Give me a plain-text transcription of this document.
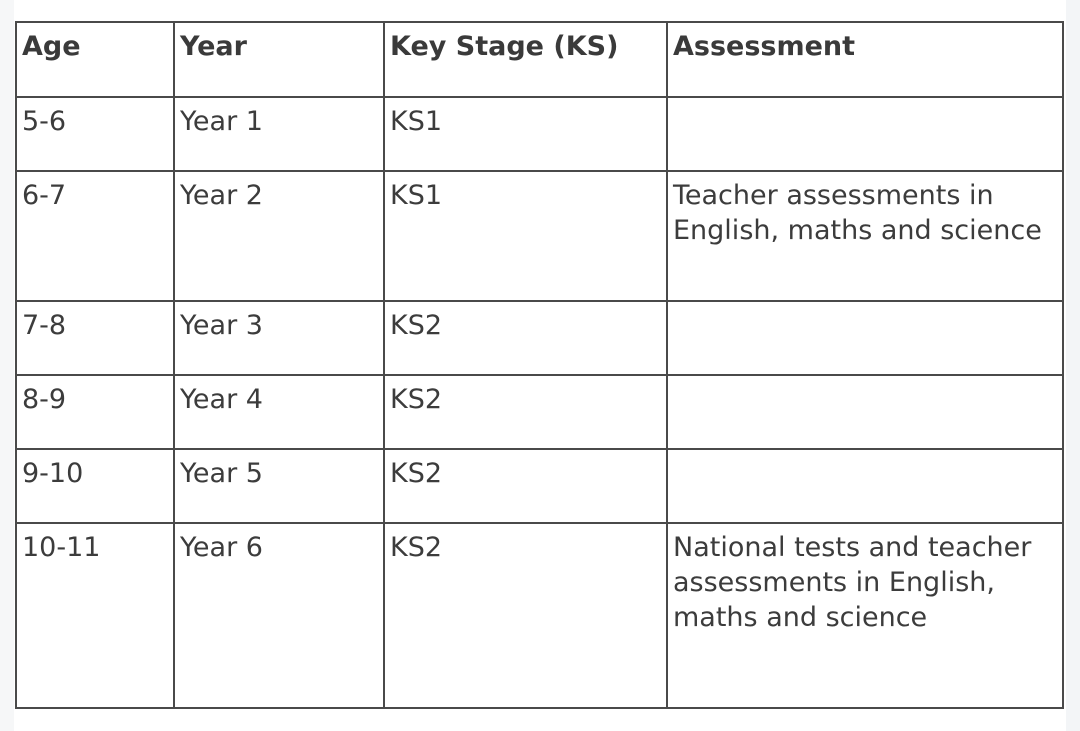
Age	Year	Key Stage (KS)	Assessment
5-6	Year 1	KS1	
6-7	Year 2	KS1	Teacher assessments in English, maths and science
7-8	Year 3	KS2	
8-9	Year 4	KS2	
9-10	Year 5	KS2	
10-11	Year 6	KS2	National tests and teacher assessments in English, maths and science
